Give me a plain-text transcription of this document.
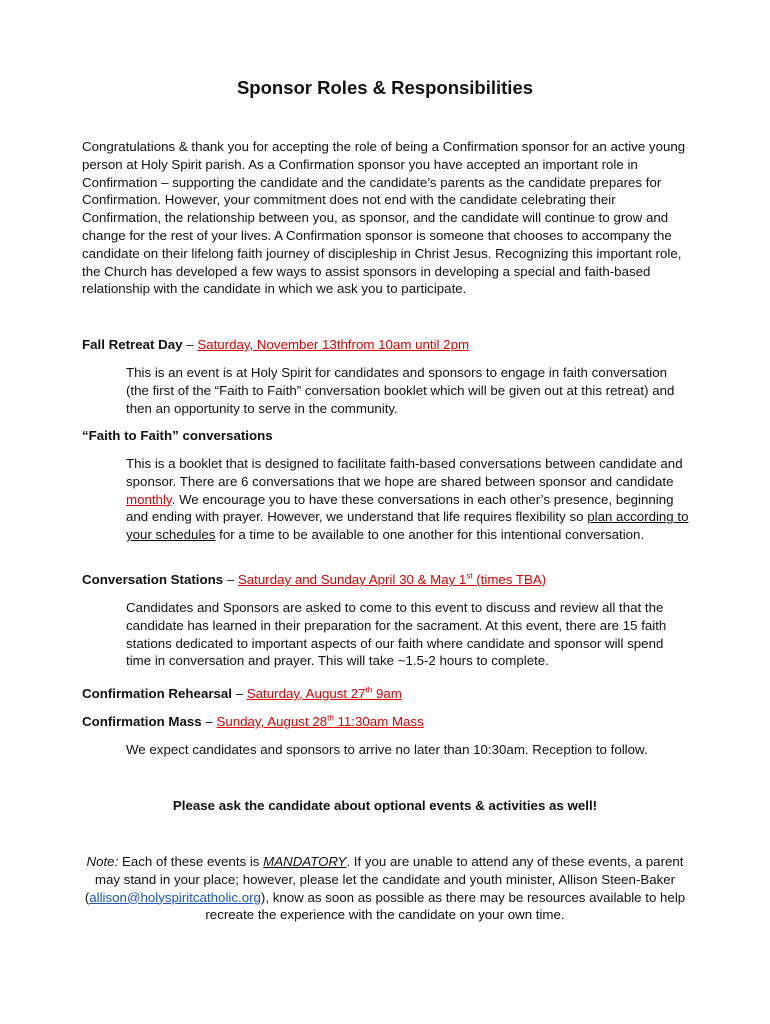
Sponsor Roles & Responsibilities
Congratulations & thank you for accepting the role of being a Confirmation sponsor for an active young person at Holy Spirit parish. As a Confirmation sponsor you have accepted an important role in Confirmation – supporting the candidate and the candidate’s parents as the candidate prepares for Confirmation. However, your commitment does not end with the candidate celebrating their Confirmation, the relationship between you, as sponsor, and the candidate will continue to grow and change for the rest of your lives. A Confirmation sponsor is someone that chooses to accompany the candidate on their lifelong faith journey of discipleship in Christ Jesus. Recognizing this important role, the Church has developed a few ways to assist sponsors in developing a special and faith-based relationship with the candidate in which we ask you to participate.
Fall Retreat Day – Saturday, November 13thfrom 10am until 2pm
This is an event is at Holy Spirit for candidates and sponsors to engage in faith conversation (the first of the “Faith to Faith” conversation booklet which will be given out at this retreat) and then an opportunity to serve in the community.
“Faith to Faith” conversations
This is a booklet that is designed to facilitate faith-based conversations between candidate and sponsor. There are 6 conversations that we hope are shared between sponsor and candidate monthly. We encourage you to have these conversations in each other’s presence, beginning and ending with prayer. However, we understand that life requires flexibility so plan according to your schedules for a time to be available to one another for this intentional conversation.
Conversation Stations – Saturday and Sunday April 30 & May 1st (times TBA)
Candidates and Sponsors are asked to come to this event to discuss and review all that the candidate has learned in their preparation for the sacrament. At this event, there are 15 faith stations dedicated to important aspects of our faith where candidate and sponsor will spend time in conversation and prayer. This will take ~1.5-2 hours to complete.
Confirmation Rehearsal – Saturday, August 27th 9am
Confirmation Mass – Sunday, August 28th 11:30am Mass
We expect candidates and sponsors to arrive no later than 10:30am. Reception to follow.
Please ask the candidate about optional events & activities as well!
Note: Each of these events is MANDATORY. If you are unable to attend any of these events, a parent may stand in your place; however, please let the candidate and youth minister, Allison Steen-Baker (allison@holyspiritcatholic.org), know as soon as possible as there may be resources available to help recreate the experience with the candidate on your own time.
